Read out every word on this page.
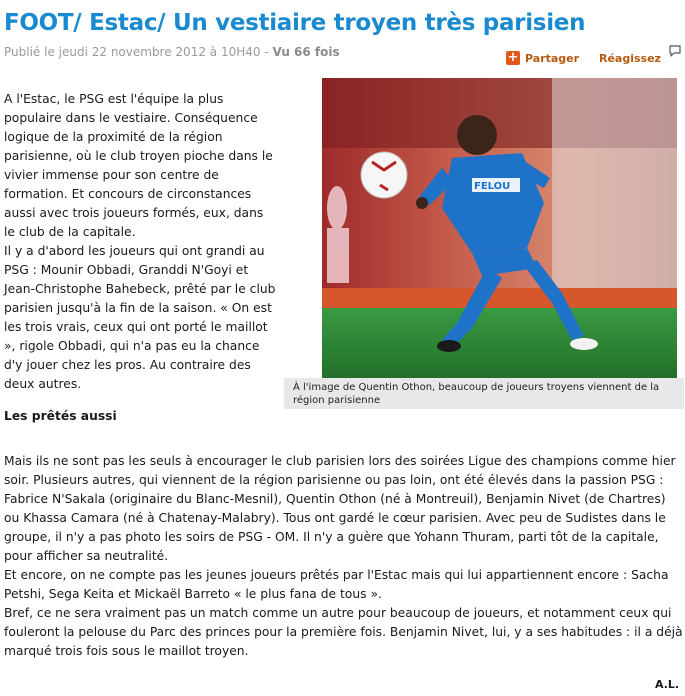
FOOT/ Estac/ Un vestiaire troyen très parisien
Publié le jeudi 22 novembre 2012 à 10H40 - Vu 66 fois	+ Partager Réagissez

A l'Estac, le PSG est l'équipe la plus populaire dans le vestiaire. Conséquence logique de la proximité de la région parisienne, où le club troyen pioche dans le vivier immense pour son centre de formation. Et concours de circonstances aussi avec trois joueurs formés, eux, dans le club de la capitale.
Il y a d'abord les joueurs qui ont grandi au PSG : Mounir Obbadi, Granddi N'Goyi et Jean-Christophe Bahebeck, prêté par le club parisien jusqu'à la fin de la saison. « On est les trois vrais, ceux qui ont porté le maillot », rigole Obbadi, qui n'a pas eu la chance d'y jouer chez les pros. Au contraire des deux autres.

FELOU
À l'image de Quentin Othon, beaucoup de joueurs troyens viennent de la région parisienne
Les prêtés aussi

Mais ils ne sont pas les seuls à encourager le club parisien lors des soirées Ligue des champions comme hier soir. Plusieurs autres, qui viennent de la région parisienne ou pas loin, ont été élevés dans la passion PSG : Fabrice N'Sakala (originaire du Blanc-Mesnil), Quentin Othon (né à Montreuil), Benjamin Nivet (de Chartres) ou Khassa Camara (né à Chatenay-Malabry). Tous ont gardé le cœur parisien. Avec peu de Sudistes dans le groupe, il n'y a pas photo les soirs de PSG - OM. Il n'y a guère que Yohann Thuram, parti tôt de la capitale, pour afficher sa neutralité.
Et encore, on ne compte pas les jeunes joueurs prêtés par l'Estac mais qui lui appartiennent encore : Sacha Petshi, Sega Keita et Mickaël Barreto « le plus fana de tous ».
Bref, ce ne sera vraiment pas un match comme un autre pour beaucoup de joueurs, et notamment ceux qui fouleront la pelouse du Parc des princes pour la première fois. Benjamin Nivet, lui, y a ses habitudes : il a déjà marqué trois fois sous le maillot troyen.

A.L.
